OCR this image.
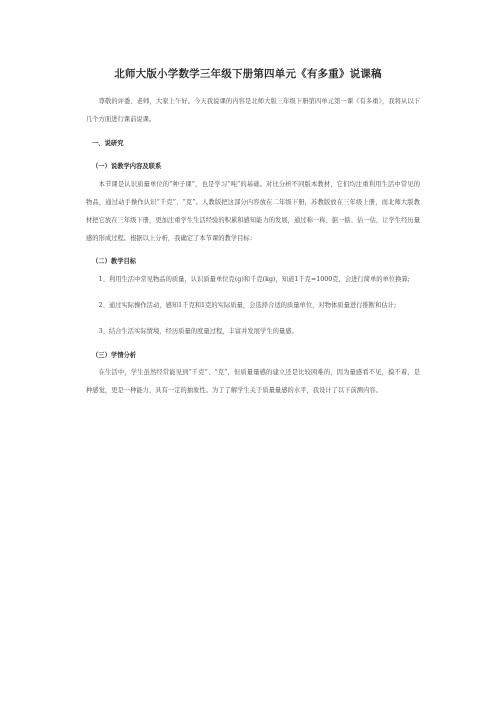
北师大版小学数学三年级下册第四单元《有多重》说课稿

尊敬的评委、老师，大家上午好。今天我说课的内容是北师大版三年级下册第四单元第一课《有多重》，我将从以下几个方面进行课前说课。

一、说研究
（一）说教学内容及联系

本节课是认识质量单位的“种子课”，也是学习“吨”的基础。对比分析不同版本教材，它们均注重利用生活中常见的物品，通过动手操作认识“千克”、“克”。人教版把这部分内容放在二年级下册，苏教版放在三年级上册，而北师大版教材把它放在三年级下册，更加注重学生生活经验的积累和感知能力的发展，通过称一称、掂一掂、估一估，让学生经历量感的形成过程。根据以上分析，我确定了本节课的教学目标：

（二）教学目标

1、利用生活中常见物品的质量，认识质量单位克(g)和千克(kg)，知道1千克=1000克，会进行简单的单位换算;

2、通过实际操作活动，感知1千克和1克的实际质量，会选择合适的质量单位，对物体质量进行推断和估计;

3、结合生活实际情境，经历质量的度量过程，丰富并发展学生的量感。

（三）学情分析

在生活中，学生虽然经常能见到“千克”、“克”，但质量量感的建立还是比较困难的，因为量感看不见，摸不着，是种感觉，更是一种能力，具有一定的抽象性。为了了解学生关于质量量感的水平，我设计了以下前测内容。
